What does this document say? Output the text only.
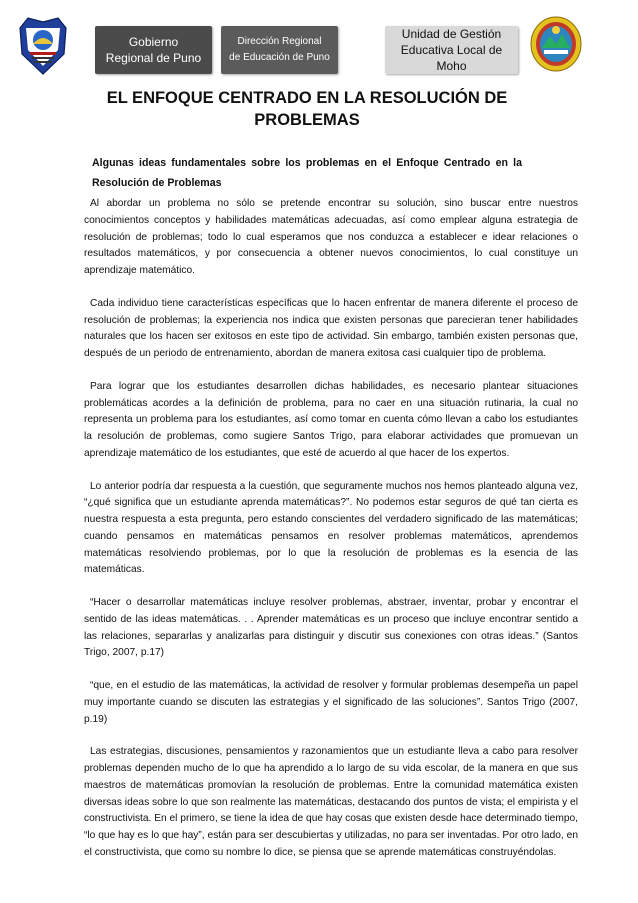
Gobierno
Regional de Puno
Dirección Regional
de Educación de Puno
Unidad de Gestión
Educativa Local de Moho
EL ENFOQUE CENTRADO EN LA RESOLUCIÓN DE
PROBLEMAS
Algunas ideas fundamentales sobre los problemas en el Enfoque Centrado en la Resolución de Problemas

Al abordar un problema no sólo se pretende encontrar su solución, sino buscar entre nuestros conocimientos conceptos y habilidades matemáticas adecuadas, así como emplear alguna estrategia de resolución de problemas; todo lo cual esperamos que nos conduzca a establecer e idear relaciones o resultados matemáticos, y por consecuencia a obtener nuevos conocimientos, lo cual constituye un aprendizaje matemático.

Cada individuo tiene características específicas que lo hacen enfrentar de manera diferente el proceso de resolución de problemas; la experiencia nos indica que existen personas que parecieran tener habilidades naturales que los hacen ser exitosos en este tipo de actividad. Sin embargo, también existen personas que, después de un periodo de entrenamiento, abordan de manera exitosa casi cualquier tipo de problema.

Para lograr que los estudiantes desarrollen dichas habilidades, es necesario plantear situaciones problemáticas acordes a la definición de problema, para no caer en una situación rutinaria, la cual no representa un problema para los estudiantes, así como tomar en cuenta cómo llevan a cabo los estudiantes la resolución de problemas, como sugiere Santos Trigo, para elaborar actividades que promuevan un aprendizaje matemático de los estudiantes, que esté de acuerdo al que hacer de los expertos.

Lo anterior podría dar respuesta a la cuestión, que seguramente muchos nos hemos planteado alguna vez, “¿qué significa que un estudiante aprenda matemáticas?”. No podemos estar seguros de qué tan cierta es nuestra respuesta a esta pregunta, pero estando conscientes del verdadero significado de las matemáticas; cuando pensamos en matemáticas pensamos en resolver problemas matemáticos, aprendemos matemáticas resolviendo problemas, por lo que la resolución de problemas es la esencia de las matemáticas.

“Hacer o desarrollar matemáticas incluye resolver problemas, abstraer, inventar, probar y encontrar el sentido de las ideas matemáticas. . . Aprender matemáticas es un proceso que incluye encontrar sentido a las relaciones, separarlas y analizarlas para distinguir y discutir sus conexiones con otras ideas.” (Santos Trigo, 2007, p.17)

“que, en el estudio de las matemáticas, la actividad de resolver y formular problemas desempeña un papel muy importante cuando se discuten las estrategias y el significado de las soluciones”. Santos Trigo (2007, p.19)

Las estrategias, discusiones, pensamientos y razonamientos que un estudiante lleva a cabo para resolver problemas dependen mucho de lo que ha aprendido a lo largo de su vida escolar, de la manera en que sus maestros de matemáticas promovían la resolución de problemas. Entre la comunidad matemática existen diversas ideas sobre lo que son realmente las matemáticas, destacando dos puntos de vista; el empirista y el constructivista. En el primero, se tiene la idea de que hay cosas que existen desde hace determinado tiempo, “lo que hay es lo que hay”, están para ser descubiertas y utilizadas, no para ser inventadas. Por otro lado, en el constructivista, que como su nombre lo dice, se piensa que se aprende matemáticas construyéndolas.
